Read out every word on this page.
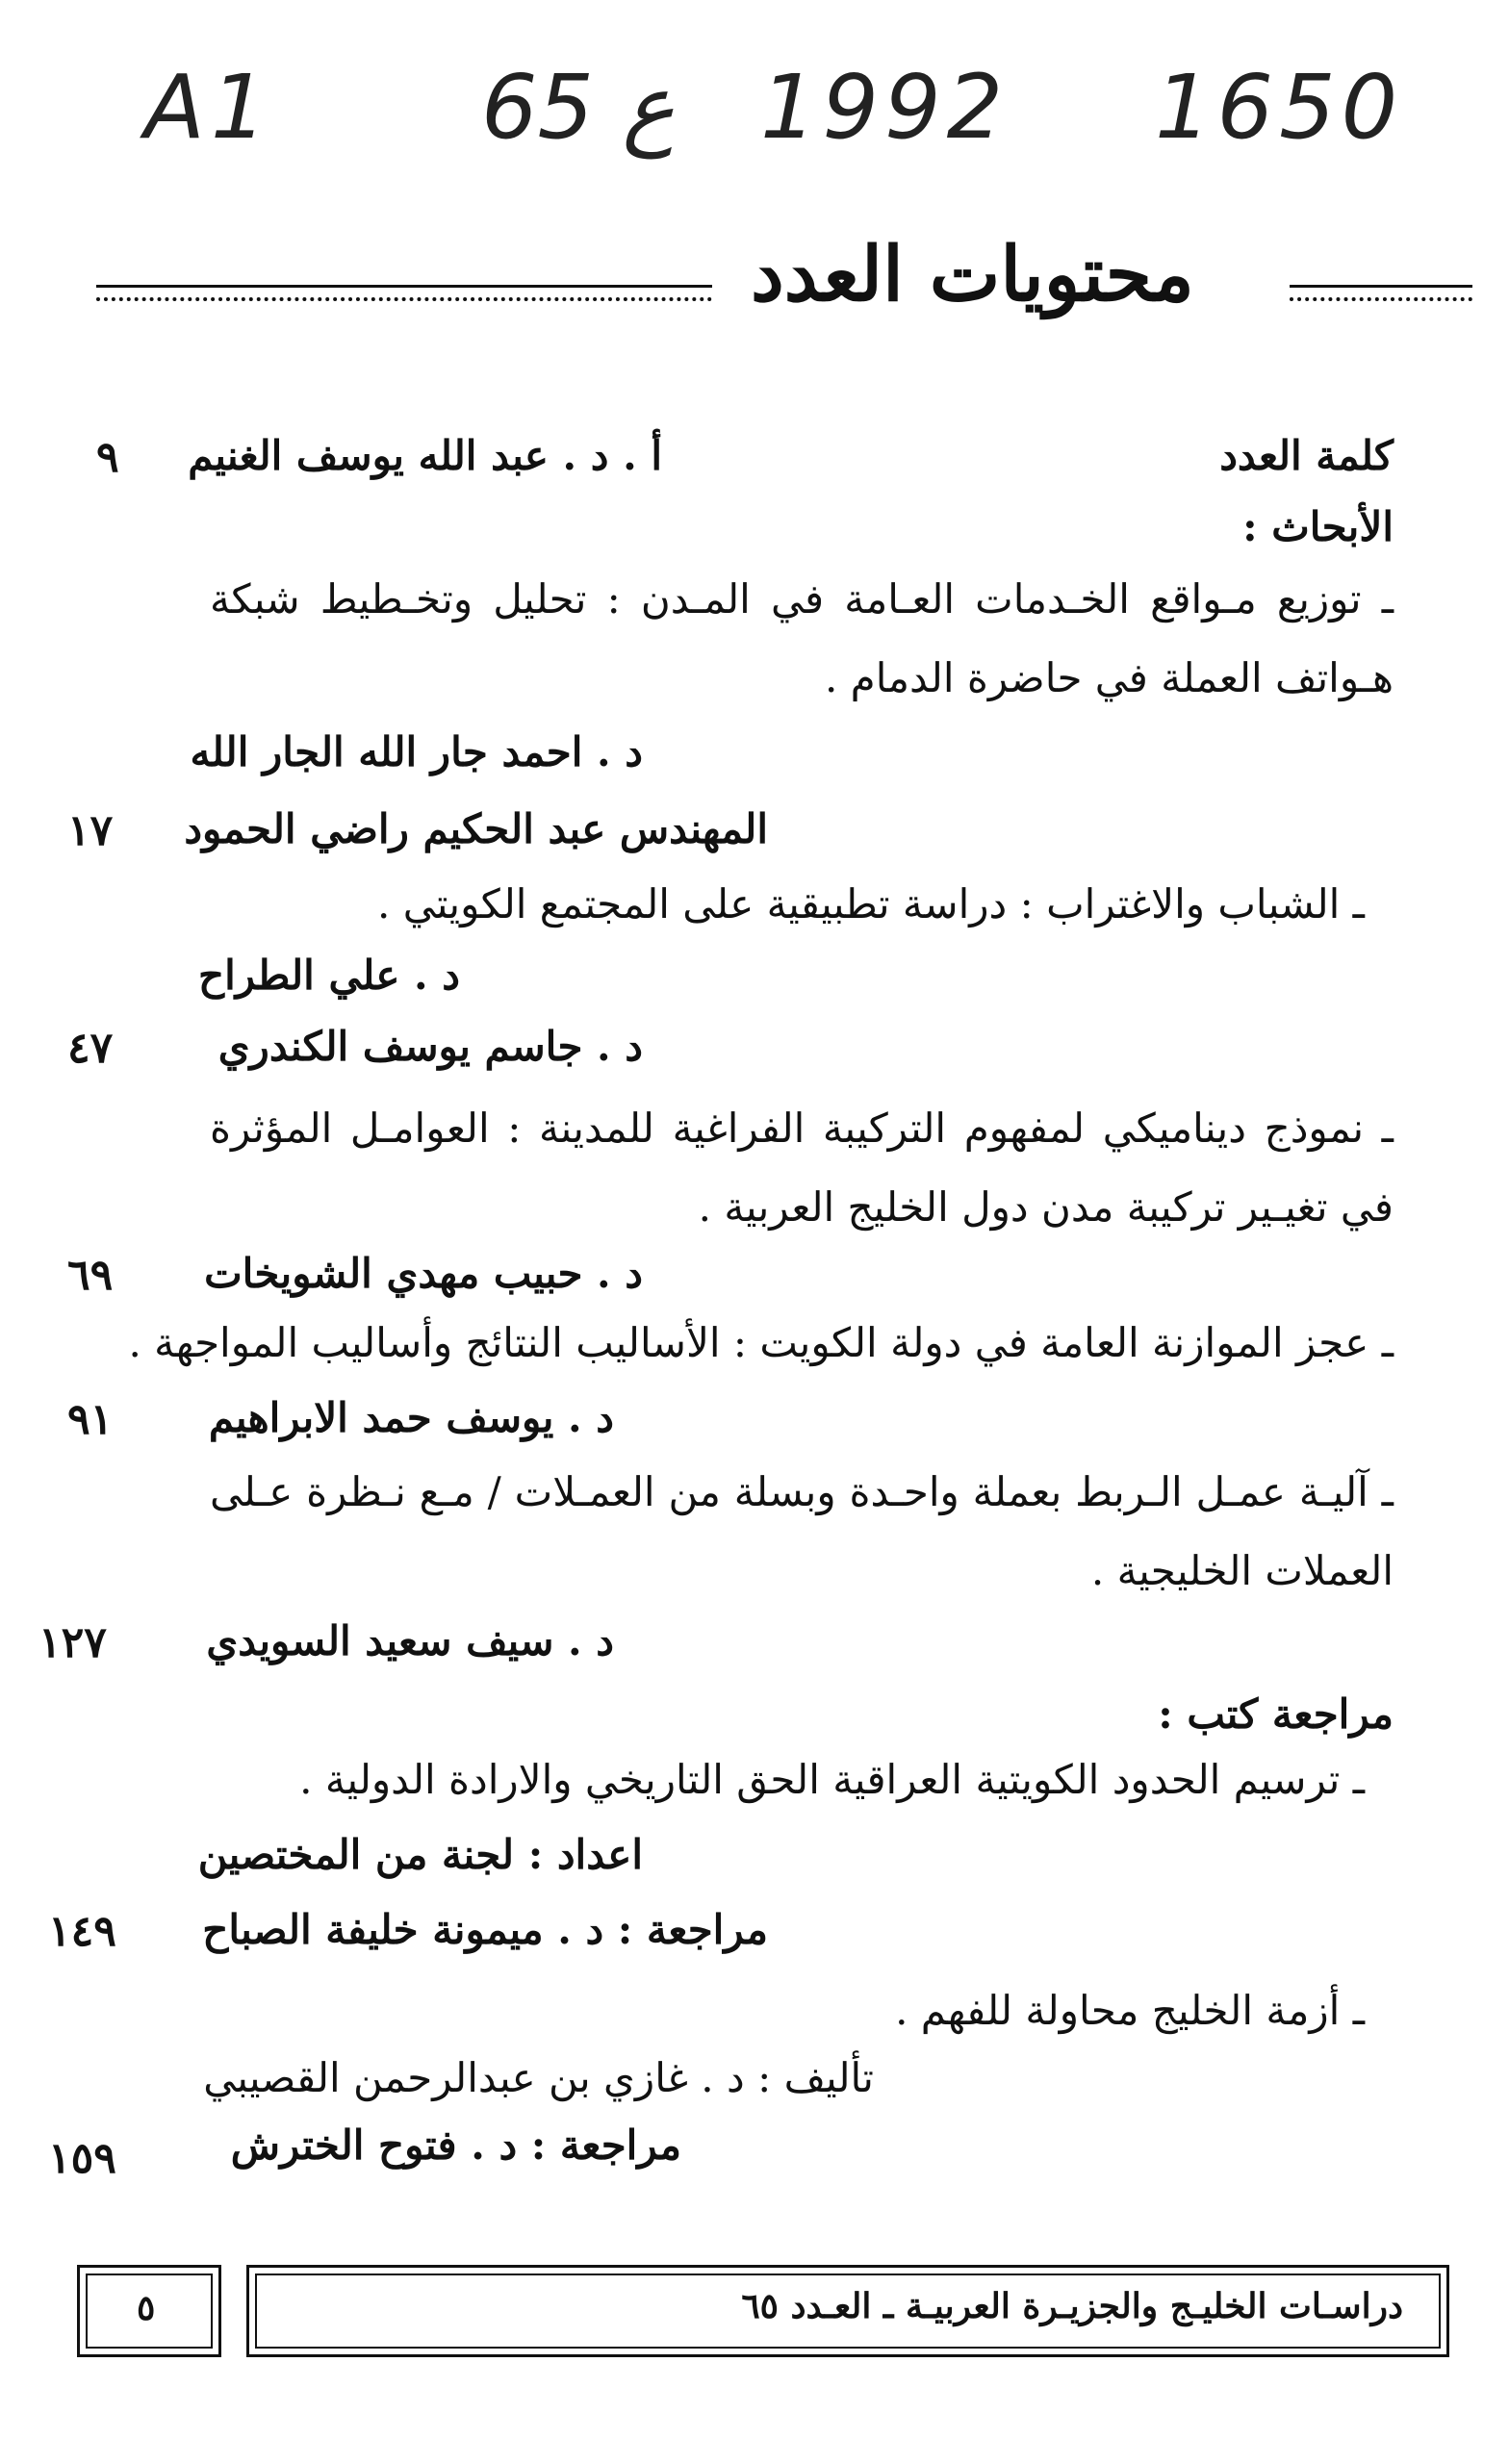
A1 65 ع 1992 1650
محتويات العدد
كلمة العدد
أ . د . عبد الله يوسف الغنيم
٩
الأبحاث :
ـ توزيع مـواقع الخـدمات العـامة في المـدن : تحليل وتخـطيط شبكة هـواتف العملة في حاضرة الدمام .
د . احمد جار الله الجار الله
المهندس عبد الحكيم راضي الحمود
١٧
ـ الشباب والاغتراب : دراسة تطبيقية على المجتمع الكويتي .
د . علي الطراح
د . جاسم يوسف الكندري
٤٧
ـ نموذج ديناميكي لمفهوم التركيبة الفراغية للمدينة : العوامـل المؤثرة في تغيـير تركيبة مدن دول الخليج العربية .
د . حبيب مهدي الشويخات
٦٩
ـ عجز الموازنة العامة في دولة الكويت : الأساليب النتائج وأساليب المواجهة .
د . يوسف حمد الابراهيم
٩١
ـ آليـة عمـل الـربط بعملة واحـدة وبسلة من العمـلات / مـع نـظرة عـلى العملات الخليجية .
د . سيف سعيد السويدي
١٢٧
مراجعة كتب :
ـ ترسيم الحدود الكويتية العراقية الحق التاريخي والارادة الدولية .
اعداد : لجنة من المختصين
مراجعة : د . ميمونة خليفة الصباح
١٤٩
ـ أزمة الخليج محاولة للفهم .
تأليف : د . غازي بن عبدالرحمن القصيبي
مراجعة : د . فتوح الخترش
١٥٩
٥	دراسـات الخليـج والجزيـرة العربيـة ـ العـدد ٦٥
